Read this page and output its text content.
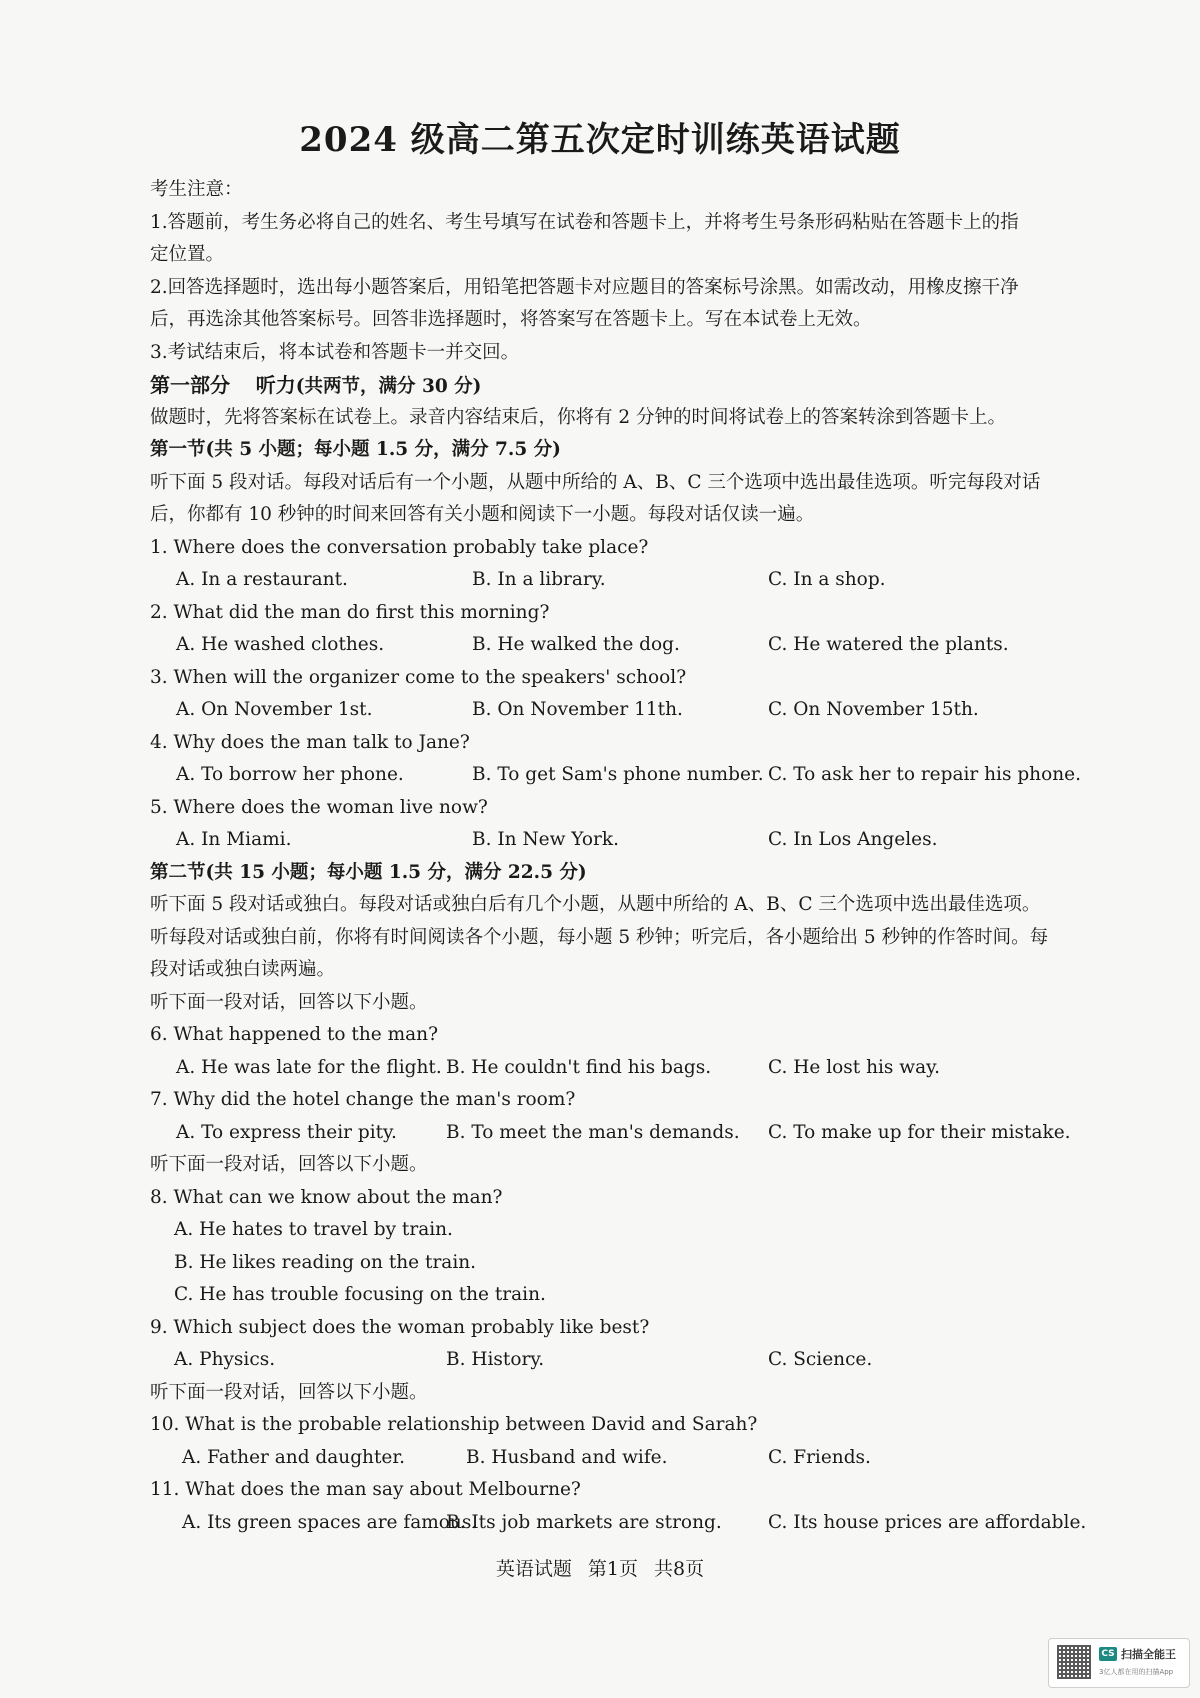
2024 级高二第五次定时训练英语试题
考生注意：
1.答题前，考生务必将自己的姓名、考生号填写在试卷和答题卡上，并将考生号条形码粘贴在答题卡上的指
定位置。
2.回答选择题时，选出每小题答案后，用铅笔把答题卡对应题目的答案标号涂黑。如需改动，用橡皮擦干净
后，再选涂其他答案标号。回答非选择题时，将答案写在答题卡上。写在本试卷上无效。
3.考试结束后，将本试卷和答题卡一并交回。
第一部分 听力(共两节，满分 30 分)
做题时，先将答案标在试卷上。录音内容结束后，你将有 2 分钟的时间将试卷上的答案转涂到答题卡上。
第一节(共 5 小题；每小题 1.5 分，满分 7.5 分)
听下面 5 段对话。每段对话后有一个小题，从题中所给的 A、B、C 三个选项中选出最佳选项。听完每段对话
后，你都有 10 秒钟的时间来回答有关小题和阅读下一小题。每段对话仅读一遍。
1. Where does the conversation probably take place?
A. In a restaurant.	B. In a library.	C. In a shop.
2. What did the man do first this morning?
A. He washed clothes.	B. He walked the dog.	C. He watered the plants.
3. When will the organizer come to the speakers' school?
A. On November 1st.	B. On November 11th.	C. On November 15th.
4. Why does the man talk to Jane?
A. To borrow her phone.	B. To get Sam's phone number. C. To ask her to repair his phone.
5. Where does the woman live now?
A. In Miami.	B. In New York.	C. In Los Angeles.
第二节(共 15 小题；每小题 1.5 分，满分 22.5 分)
听下面 5 段对话或独白。每段对话或独白后有几个小题，从题中所给的 A、B、C 三个选项中选出最佳选项。
听每段对话或独白前，你将有时间阅读各个小题，每小题 5 秒钟；听完后，各小题给出 5 秒钟的作答时间。每
段对话或独白读两遍。
听下面一段对话，回答以下小题。
6. What happened to the man?
A. He was late for the flight. B. He couldn't find his bags.	C. He lost his way.
7. Why did the hotel change the man's room?
A. To express their pity.	B. To meet the man's demands. C. To make up for their mistake.
听下面一段对话，回答以下小题。
8. What can we know about the man?
A. He hates to travel by train.
B. He likes reading on the train.
C. He has trouble focusing on the train.
9. Which subject does the woman probably like best?
A. Physics.	B. History.	C. Science.
听下面一段对话，回答以下小题。
10. What is the probable relationship between David and Sarah?
A. Father and daughter.	B. Husband and wife.	C. Friends.
11. What does the man say about Melbourne?
A. Its green spaces are famous.
B. Its job markets are strong.	C. Its house prices are affordable.
英语试题 第1页 共8页
CS 扫描全能王
3亿人都在用的扫描App
